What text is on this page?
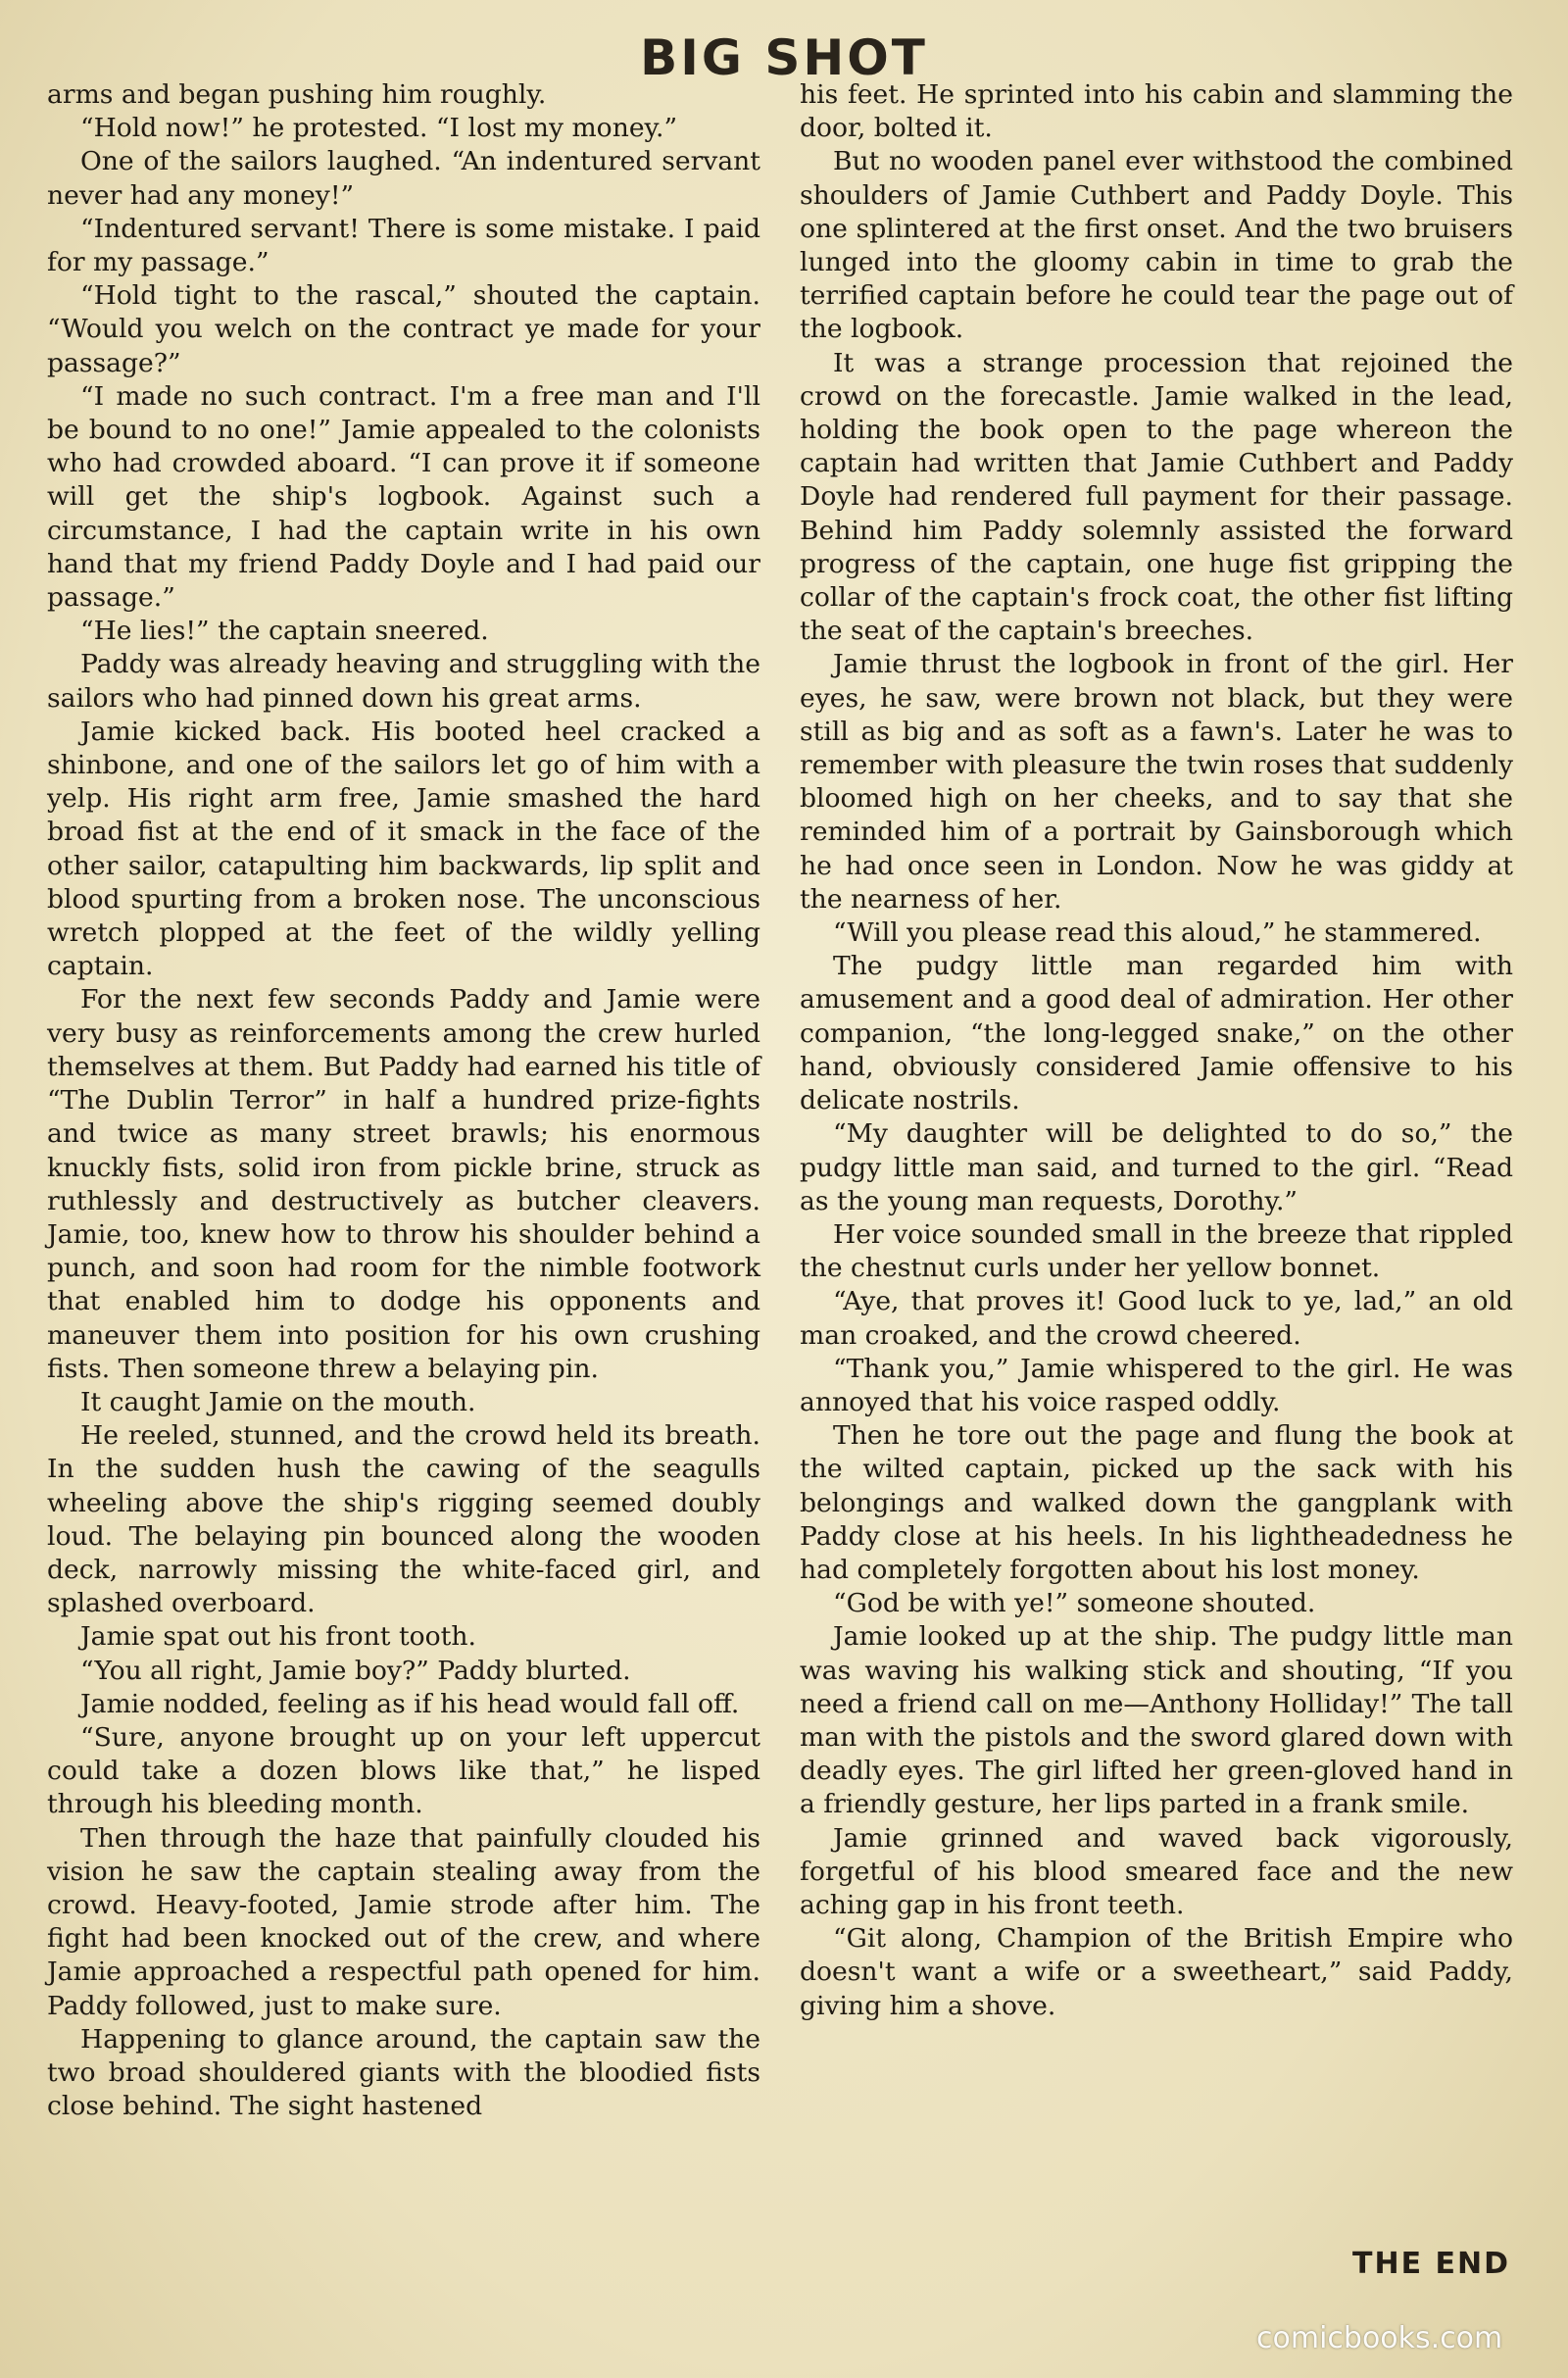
BIG SHOT

arms and began pushing him roughly.

“Hold now!” he protested. “I lost my money.”

One of the sailors laughed. “An indentured servant never had any money!”

“Indentured servant! There is some mistake. I paid for my passage.”

“Hold tight to the rascal,” shouted the captain. “Would you welch on the contract ye made for your passage?”

“I made no such contract. I'm a free man and I'll be bound to no one!” Jamie appealed to the colonists who had crowded aboard. “I can prove it if someone will get the ship's logbook. Against such a circumstance, I had the captain write in his own hand that my friend Paddy Doyle and I had paid our passage.”

“He lies!” the captain sneered.

Paddy was already heaving and struggling with the sailors who had pinned down his great arms.

Jamie kicked back. His booted heel cracked a shinbone, and one of the sailors let go of him with a yelp. His right arm free, Jamie smashed the hard broad fist at the end of it smack in the face of the other sailor, catapulting him backwards, lip split and blood spurting from a broken nose. The unconscious wretch plopped at the feet of the wildly yelling captain.

For the next few seconds Paddy and Jamie were very busy as reinforcements among the crew hurled themselves at them. But Paddy had earned his title of “The Dublin Terror” in half a hundred prize-fights and twice as many street brawls; his enormous knuckly fists, solid iron from pickle brine, struck as ruthlessly and destructively as butcher cleavers. Jamie, too, knew how to throw his shoulder behind a punch, and soon had room for the nimble footwork that enabled him to dodge his opponents and maneuver them into position for his own crushing fists. Then someone threw a belaying pin.

It caught Jamie on the mouth.

He reeled, stunned, and the crowd held its breath. In the sudden hush the cawing of the seagulls wheeling above the ship's rigging seemed doubly loud. The belaying pin bounced along the wooden deck, narrowly missing the white-faced girl, and splashed overboard.

Jamie spat out his front tooth.

“You all right, Jamie boy?” Paddy blurted.

Jamie nodded, feeling as if his head would fall off.

“Sure, anyone brought up on your left uppercut could take a dozen blows like that,” he lisped through his bleeding month.

Then through the haze that painfully clouded his vision he saw the captain stealing away from the crowd. Heavy-footed, Jamie strode after him. The fight had been knocked out of the crew, and where Jamie approached a respectful path opened for him. Paddy followed, just to make sure.

Happening to glance around, the captain saw the two broad shouldered giants with the bloodied fists close behind. The sight hastened

his feet. He sprinted into his cabin and slamming the door, bolted it.

But no wooden panel ever withstood the combined shoulders of Jamie Cuthbert and Paddy Doyle. This one splintered at the first onset. And the two bruisers lunged into the gloomy cabin in time to grab the terrified captain before he could tear the page out of the logbook.

It was a strange procession that rejoined the crowd on the forecastle. Jamie walked in the lead, holding the book open to the page whereon the captain had written that Jamie Cuthbert and Paddy Doyle had rendered full payment for their passage. Behind him Paddy solemnly assisted the forward progress of the captain, one huge fist gripping the collar of the captain's frock coat, the other fist lifting the seat of the captain's breeches.

Jamie thrust the logbook in front of the girl. Her eyes, he saw, were brown not black, but they were still as big and as soft as a fawn's. Later he was to remember with pleasure the twin roses that suddenly bloomed high on her cheeks, and to say that she reminded him of a portrait by Gainsborough which he had once seen in London. Now he was giddy at the nearness of her.

“Will you please read this aloud,” he stammered.

The pudgy little man regarded him with amusement and a good deal of admiration. Her other companion, “the long-legged snake,” on the other hand, obviously considered Jamie offensive to his delicate nostrils.

“My daughter will be delighted to do so,” the pudgy little man said, and turned to the girl. “Read as the young man requests, Dorothy.”

Her voice sounded small in the breeze that rippled the chestnut curls under her yellow bonnet.

“Aye, that proves it! Good luck to ye, lad,” an old man croaked, and the crowd cheered.

“Thank you,” Jamie whispered to the girl. He was annoyed that his voice rasped oddly.

Then he tore out the page and flung the book at the wilted captain, picked up the sack with his belongings and walked down the gangplank with Paddy close at his heels. In his lightheadedness he had completely forgotten about his lost money.

“God be with ye!” someone shouted.

Jamie looked up at the ship. The pudgy little man was waving his walking stick and shouting, “If you need a friend call on me—Anthony Holliday!” The tall man with the pistols and the sword glared down with deadly eyes. The girl lifted her green-gloved hand in a friendly gesture, her lips parted in a frank smile.

Jamie grinned and waved back vigorously, forgetful of his blood smeared face and the new aching gap in his front teeth.

“Git along, Champion of the British Empire who doesn't want a wife or a sweetheart,” said Paddy, giving him a shove.

THE END
comicbooks.com
